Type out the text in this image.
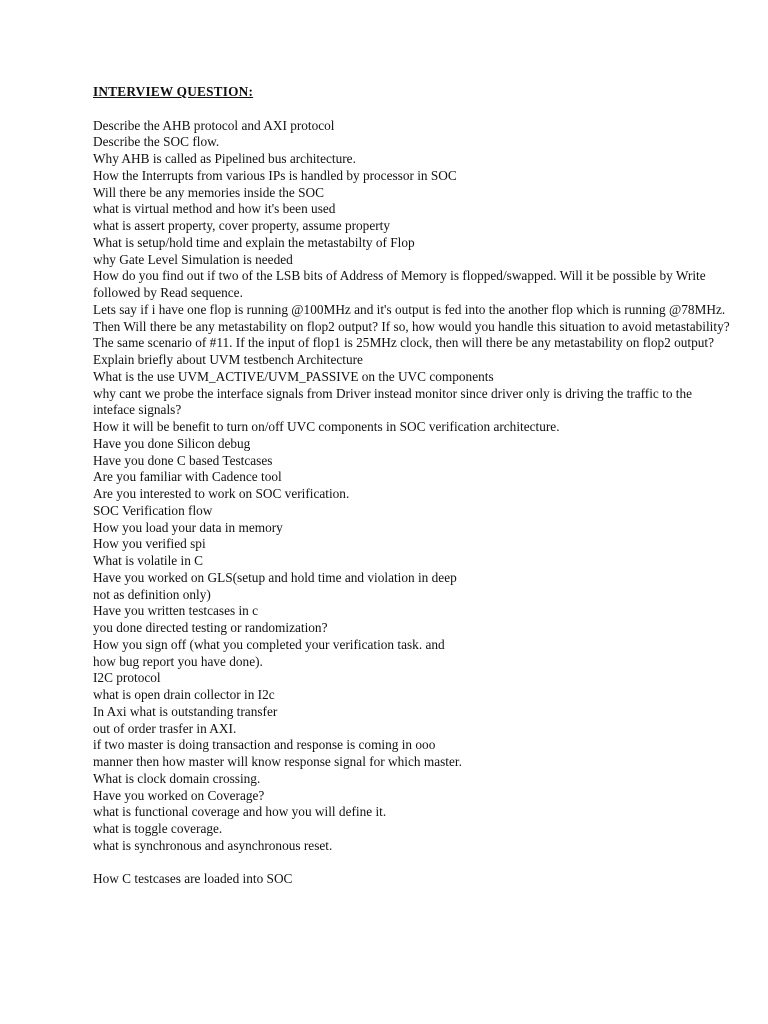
INTERVIEW QUESTION:
Describe the AHB protocol and AXI protocol
Describe the SOC flow.
Why AHB is called as Pipelined bus architecture.
How the Interrupts from various IPs is handled by processor in SOC
Will there be any memories inside the SOC
what is virtual method and how it's been used
what is assert property, cover property, assume property
What is setup/hold time and explain the metastabilty of Flop
why Gate Level Simulation is needed
How do you find out if two of the LSB bits of Address of Memory is flopped/swapped. Will it be possible by Write followed by Read sequence.
Lets say if i have one flop is running @100MHz and it's output is fed into the another flop which is running @78MHz. Then Will there be any metastability on flop2 output? If so, how would you handle this situation to avoid metastability?
The same scenario of #11. If the input of flop1 is 25MHz clock, then will there be any metastability on flop2 output?
Explain briefly about UVM testbench Architecture
What is the use UVM_ACTIVE/UVM_PASSIVE on the UVC components
why cant we probe the interface signals from Driver instead monitor since driver only is driving the traffic to the inteface signals?
How it will be benefit to turn on/off UVC components in SOC verification architecture.
Have you done Silicon debug
Have you done C based Testcases
Are you familiar with Cadence tool
Are you interested to work on SOC verification.
SOC Verification flow
How you load your data in memory
How you verified spi
What is volatile in C
Have you worked on GLS(setup and hold time and violation in deep
not as definition only)
Have you written testcases in c
you done directed testing or randomization?
How you sign off (what you completed your verification task. and
how bug report you have done).
I2C protocol
what is open drain collector in I2c
In Axi what is outstanding transfer
out of order trasfer in AXI.
if two master is doing transaction and response is coming in ooo
manner then how master will know response signal for which master.
What is clock domain crossing.
Have you worked on Coverage?
what is functional coverage and how you will define it.
what is toggle coverage.
what is synchronous and asynchronous reset.
How C testcases are loaded into SOC
